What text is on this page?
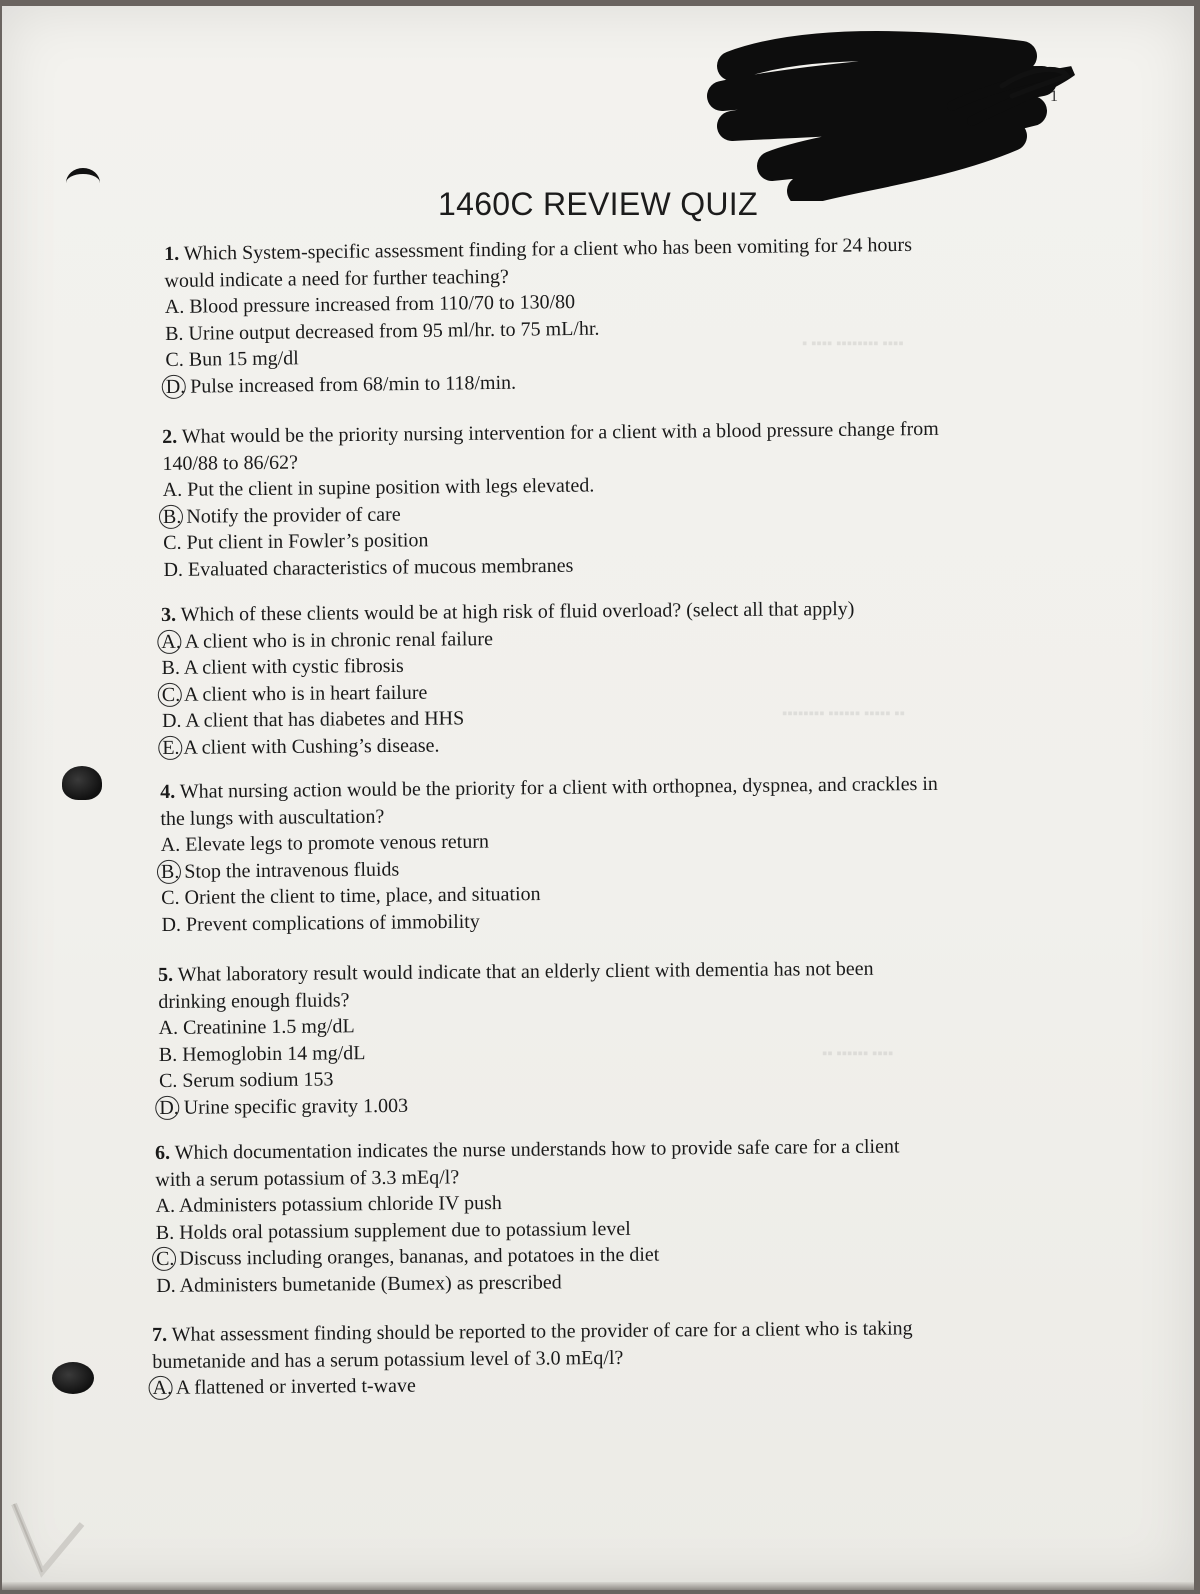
1
▪ ▪▪▪▪ ▪▪▪▪▪▪▪▪ ▪▪▪▪
▪▪▪▪▪▪▪▪ ▪▪▪▪▪▪ ▪▪▪▪▪ ▪▪
▪▪ ▪▪▪▪▪▪ ▪▪▪▪
1460C REVIEW QUIZ
1. Which System-specific assessment finding for a client who has been vomiting for 24 hours
would indicate a need for further teaching?
A. Blood pressure increased from 110/70 to 130/80
B. Urine output decreased from 95 ml/hr. to 75 mL/hr.
C. Bun 15 mg/dl
D. Pulse increased from 68/min to 118/min.
2. What would be the priority nursing intervention for a client with a blood pressure change from
140/88 to 86/62?
A. Put the client in supine position with legs elevated.
B. Notify the provider of care
C. Put client in Fowler’s position
D. Evaluated characteristics of mucous membranes
3. Which of these clients would be at high risk of fluid overload? (select all that apply)
A. A client who is in chronic renal failure
B. A client with cystic fibrosis
C. A client who is in heart failure
D. A client that has diabetes and HHS
E. A client with Cushing’s disease.
4. What nursing action would be the priority for a client with orthopnea, dyspnea, and crackles in
the lungs with auscultation?
A. Elevate legs to promote venous return
B. Stop the intravenous fluids
C. Orient the client to time, place, and situation
D. Prevent complications of immobility
5. What laboratory result would indicate that an elderly client with dementia has not been
drinking enough fluids?
A. Creatinine 1.5 mg/dL
B. Hemoglobin 14 mg/dL
C. Serum sodium 153
D. Urine specific gravity 1.003
6. Which documentation indicates the nurse understands how to provide safe care for a client
with a serum potassium of 3.3 mEq/l?
A. Administers potassium chloride IV push
B. Holds oral potassium supplement due to potassium level
C. Discuss including oranges, bananas, and potatoes in the diet
D. Administers bumetanide (Bumex) as prescribed
7. What assessment finding should be reported to the provider of care for a client who is taking
bumetanide and has a serum potassium level of 3.0 mEq/l?
A. A flattened or inverted t-wave
